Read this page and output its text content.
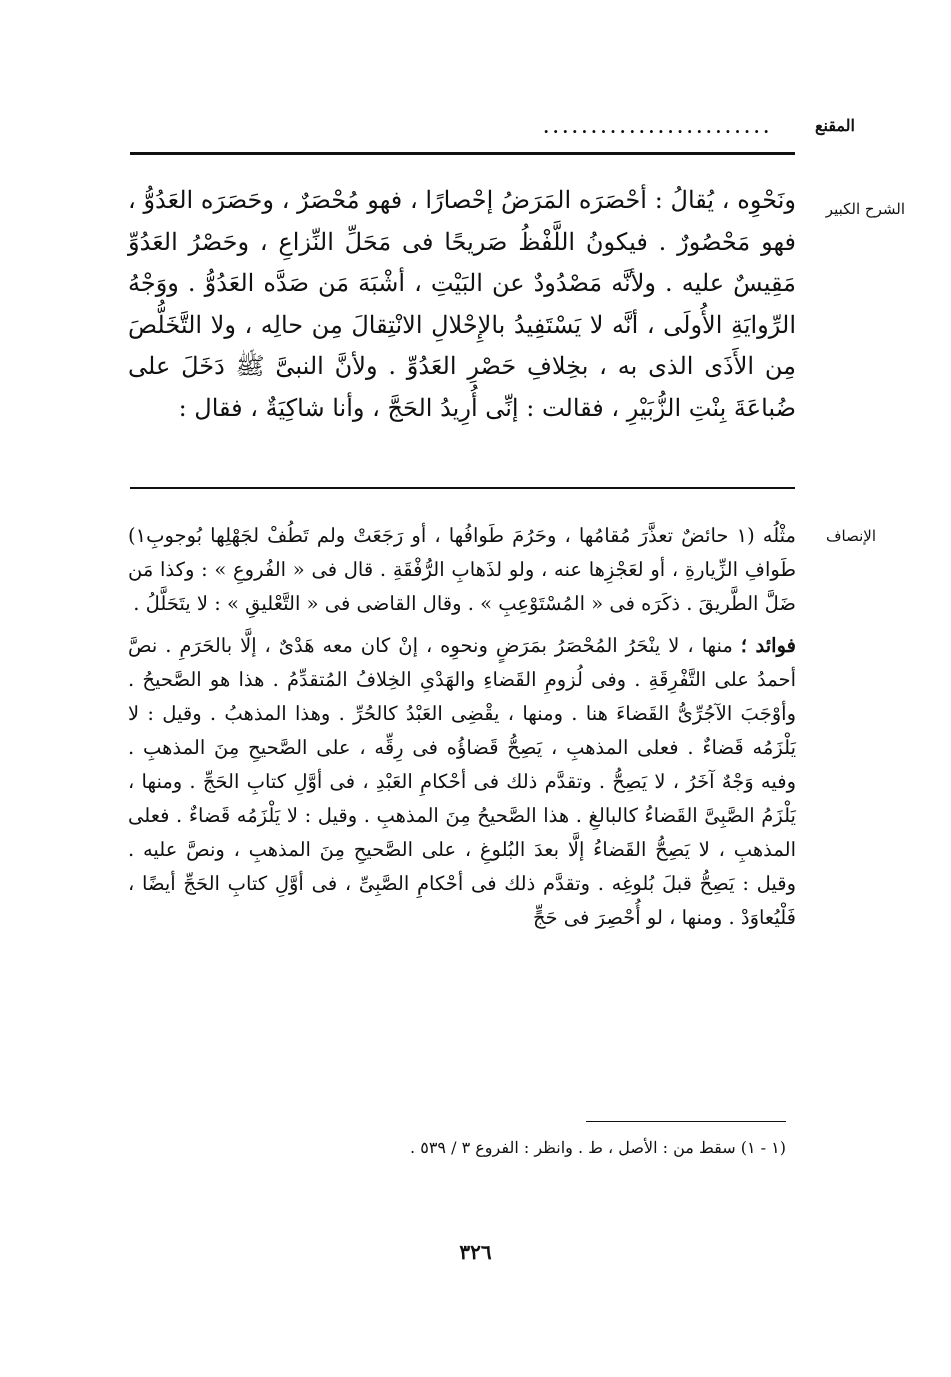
المقنع
........................
الشرح الكبير

ونَحْوِه ، يُقالُ : أحْصَرَه المَرَضُ إحْصارًا ، فهو مُحْصَرٌ ، وحَصَرَه العَدُوُّ ، فهو مَحْصُورٌ . فيكونُ اللَّفْظُ صَريحًا فى مَحَلِّ النِّزاعِ ، وحَصْرُ العَدُوِّ مَقِيسٌ عليه . ولأنَّه مَصْدُودٌ عن البَيْتِ ، أشْبَهَ مَن صَدَّه العَدُوُّ . ووَجْهُ الرِّوايَةِ الأُولَى ، أنَّه لا يَسْتَفِيدُ بالإِحْلالِ الانْتِقالَ مِن حالِه ، ولا التَّخَلُّصَ مِن الأَذَى الذى به ، بخِلافِ حَصْرِ العَدُوِّ . ولأنَّ النبىَّ ﷺ دَخَلَ على ضُباعَةَ بِنْتِ الزُّبَيْرِ ، فقالت : إنِّى أُرِيدُ الحَجَّ ، وأنا شاكِيَةٌ ، فقال :

الإنصاف

مثْلُه (١ حائضٌ تعذَّرَ مُقامُها ، وحَرُمَ طَوافُها ، أو رَجَعَتْ ولم تَطُفْ لجَهْلِها بُوجوبِ١) طَوافِ الزِّيارةِ ، أو لعَجْزِها عنه ، ولو لذَهابِ الرُّفْقَةِ . قال فى « الفُروعِ » : وكذا مَن ضَلَّ الطَّريقَ . ذكَرَه فى « المُسْتَوْعِبِ » . وقال القاضى فى « التَّعْليقِ » : لا يتَحَلَّلُ .

فوائد ؛ منها ، لا ينْحَرُ المُحْصَرُ بمَرَضٍ ونحوِه ، إنْ كان معه هَدْىٌ ، إلَّا بالحَرَمِ . نصَّ أحمدُ على التَّفْرِقَةِ . وفى لُزومِ القَضاءِ والهَدْىِ الخِلافُ المُتقدِّمُ . هذا هو الصَّحيحُ . وأوْجَبَ الآجُرِّىُّ القَضاءَ هنا . ومنها ، يقْضِى العَبْدُ كالحُرِّ . وهذا المذهبُ . وقيل : لا يَلْزَمُه قَضاءٌ . فعلى المذهبِ ، يَصِحُّ قَضاؤُه فى رِقِّه ، على الصَّحيحِ مِنَ المذهبِ . وفيه وَجْهٌ آخَرُ ، لا يَصِحُّ . وتقدَّم ذلك فى أحْكامِ العَبْدِ ، فى أوَّلِ كتابِ الحَجِّ . ومنها ، يَلْزَمُ الصَّبِىَّ القَضاءُ كالبالغِ . هذا الصَّحيحُ مِنَ المذهبِ . وقيل : لا يَلْزَمُه قَضاءٌ . فعلى المذهبِ ، لا يَصِحُّ القَضاءُ إلَّا بعدَ البُلوغِ ، على الصَّحيحِ مِنَ المذهبِ ، ونصَّ عليه . وقيل : يَصِحُّ قبلَ بُلوغِه . وتقدَّم ذلك فى أحْكامِ الصَّبِىِّ ، فى أوَّلِ كتابِ الحَجِّ أيضًا ، فَلْيُعاوَدْ . ومنها ، لو أُحْصِرَ فى حَجٍّ

(١ - ١) سقط من : الأصل ، ط . وانظر : الفروع ٣ / ٥٣٩ .
٣٢٦
